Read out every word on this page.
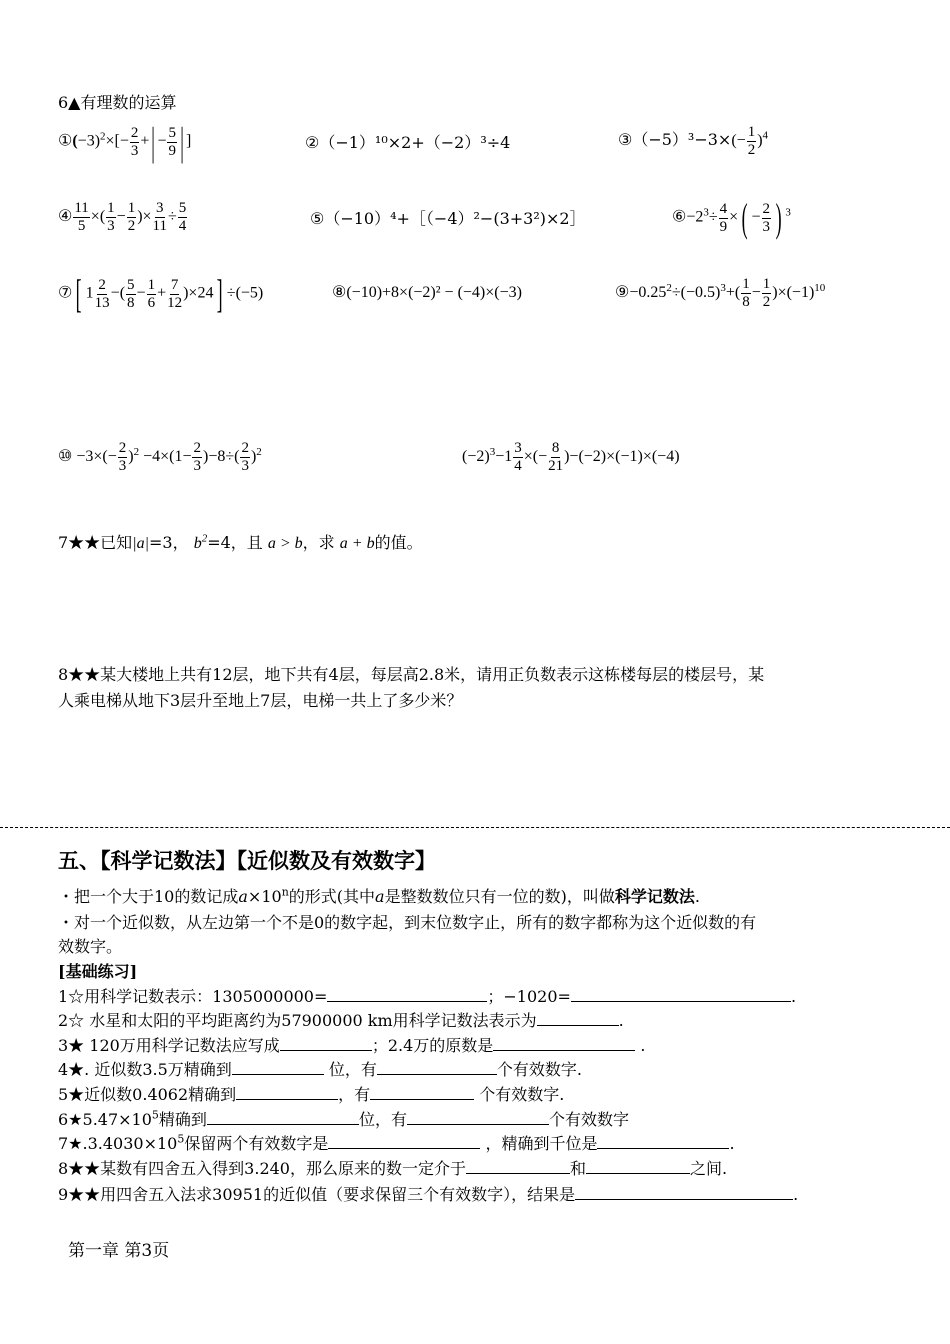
6▲有理数的运算
$①(-3)^2\times[- \frac{2}{3}$ +| − $\frac{5}{9}$ | ]	②（−1）¹⁰×2+（−2）³÷4	③（−5）³−3×(− $\frac{1}{2} )^4$
④ $\frac{11}{5}$ ×( $\frac{1}{3} - \frac{1}{2}$ )× $\frac{3}{11} \div \frac{5}{4}$	⑤（−10）⁴+［（−4）²−(3+3²)×2］	$⑥-2^3\div \frac{4}{9}$ ×( − $\frac{2}{3}$ ) $^3$
⑦[ $1 \frac{2}{13}$ −( $\frac{5}{8} - \frac{1}{6} + \frac{7}{12} )\times 24] \div(-5)$	⑧(−10)+8×(−2)² − (−4)×(−3)	$⑨-0.25^2\div(-0.5)^3+( \frac{1}{8} - \frac{1}{2} )\times(-1)^{10}$
⑩ $-3\times(- \frac{2}{3} )^2 -4\times(1- \frac{2}{3} )-8\div( \frac{2}{3} )^2$	$(-2)^3-1 \frac{3}{4}$ ×(− $\frac{8}{21} )-(-2)\times(-1)\times(-4)$
7★★已知|a|=3， $b^2=4$，且 a > b，求 a + b的值。
8★★某大楼地上共有12层，地下共有4层，每层高2.8米，请用正负数表示这栋楼每层的楼层号，某
人乘电梯从地下3层升至地上7层，电梯一共上了多少米？
五、【科学记数法】【近似数及有效数字】
・把一个大于10的数记成$a\times 10^n$的形式(其中a是整数数位只有一位的数)，叫做科学记数法.
・对一个近似数，从左边第一个不是0的数字起，到末位数字止，所有的数字都称为这个近似数的有
效数字。
[基础练习]
1☆用科学记数表示：1305000000=	；−1020=	.
2☆ 水星和太阳的平均距离约为57900000 km用科学记数法表示为	.
3★ 120万用科学记数法应写成	；2.4万的原数是	.
4★. 近似数3.5万精确到	位，有	个有效数字.
5★近似数0.4062精确到	，有	个有效数字.
$6★5.47\times 10^5$精确到	位，有	个有效数字
$7★.3.4030\times 10^5$保留两个有效数字是	，精确到千位是	.
8★★某数有四舍五入得到3.240，那么原来的数一定介于	和	之间.
9★★用四舍五入法求30951的近似值（要求保留三个有效数字），结果是	.
第一章 第3页
